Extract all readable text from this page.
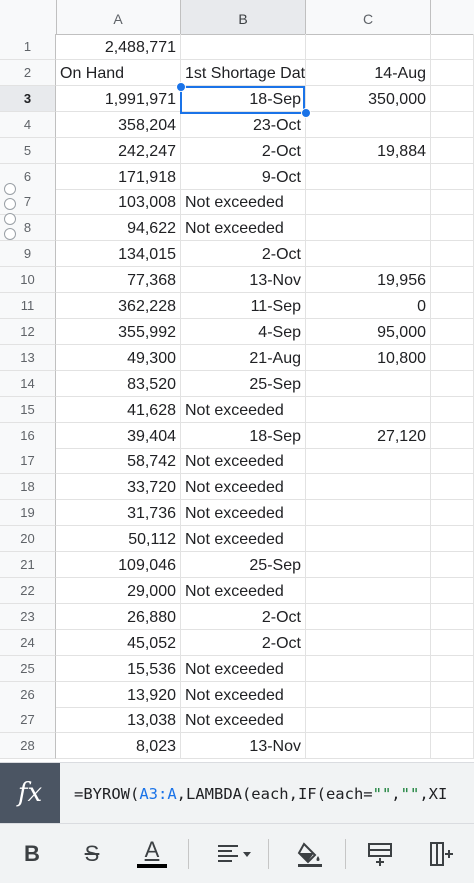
A	B	C
1	2,488,771
2	On Hand	1st Shortage Dat	14-Aug
3	1,991,971	18-Sep	350,000
4	358,204	23-Oct
5	242,247	2-Oct	19,884
6	171,918	9-Oct
7	103,008 Not exceeded
8	94,622 Not exceeded
9	134,015	2-Oct
10	77,368	13-Nov	19,956
11	362,228	11-Sep	0
12	355,992	4-Sep	95,000
13	49,300	21-Aug	10,800
14	83,520	25-Sep
15	41,628 Not exceeded
16	39,404	18-Sep	27,120
17	58,742 Not exceeded
18	33,720 Not exceeded
19	31,736 Not exceeded
20	50,112 Not exceeded
21	109,046	25-Sep
22	29,000 Not exceeded
23	26,880	2-Oct
24	45,052	2-Oct
25	15,536 Not exceeded
26	13,920 Not exceeded
27	13,038 Not exceeded
28	8,023	13-Nov
fx	=BYROW(A3:A,LAMBDA(each,IF(each="","",XI
B S A
